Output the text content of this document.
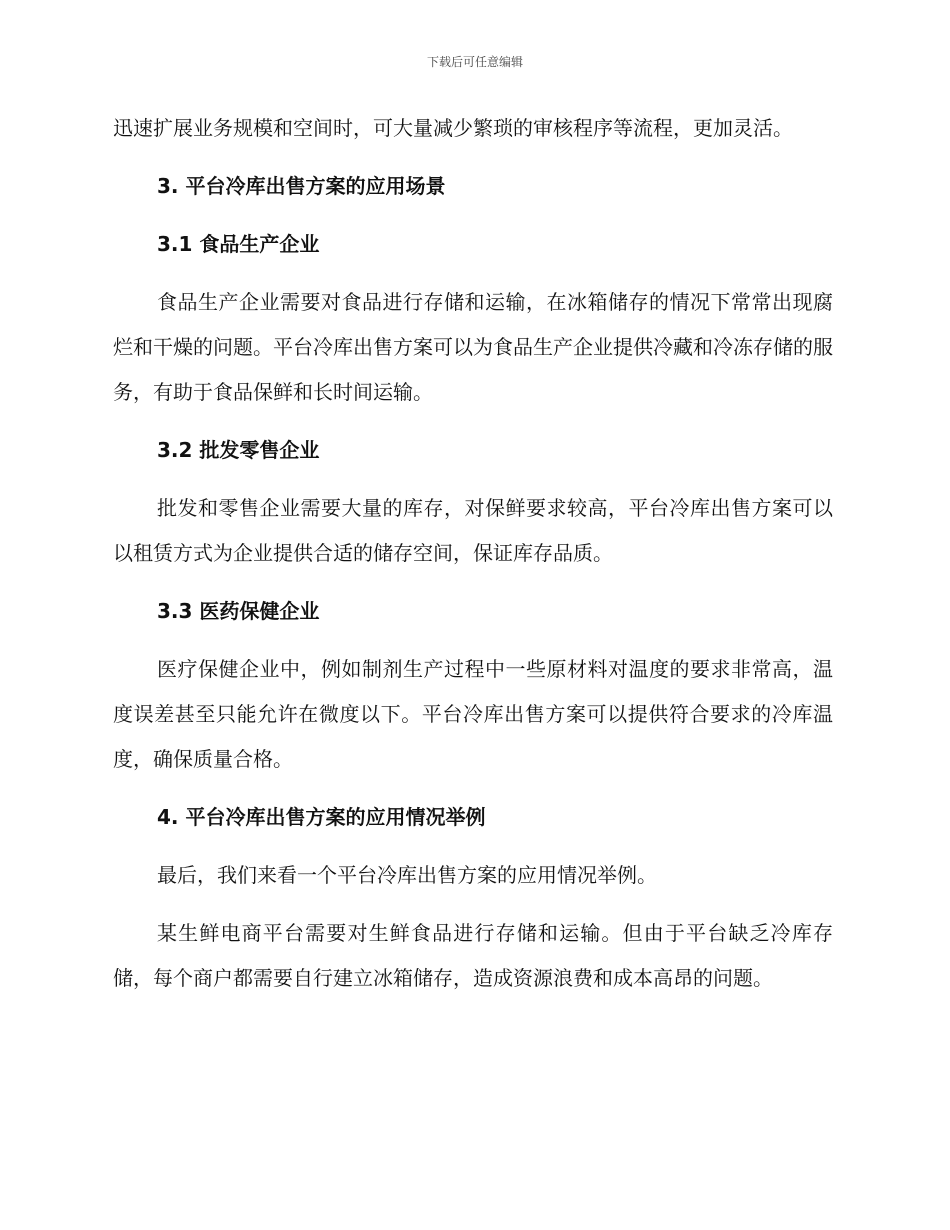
下载后可任意编辑

迅速扩展业务规模和空间时，可大量减少繁琐的审核程序等流程，更加灵活。

3. 平台冷库出售方案的应用场景

3.1 食品生产企业

食品生产企业需要对食品进行存储和运输，在冰箱储存的情况下常常出现腐烂和干燥的问题。平台冷库出售方案可以为食品生产企业提供冷藏和冷冻存储的服务，有助于食品保鲜和长时间运输。

3.2 批发零售企业

批发和零售企业需要大量的库存，对保鲜要求较高，平台冷库出售方案可以以租赁方式为企业提供合适的储存空间，保证库存品质。

3.3 医药保健企业

医疗保健企业中，例如制剂生产过程中一些原材料对温度的要求非常高，温度误差甚至只能允许在微度以下。平台冷库出售方案可以提供符合要求的冷库温度，确保质量合格。

4. 平台冷库出售方案的应用情况举例

最后，我们来看一个平台冷库出售方案的应用情况举例。

某生鲜电商平台需要对生鲜食品进行存储和运输。但由于平台缺乏冷库存储，每个商户都需要自行建立冰箱储存，造成资源浪费和成本高昂的问题。
